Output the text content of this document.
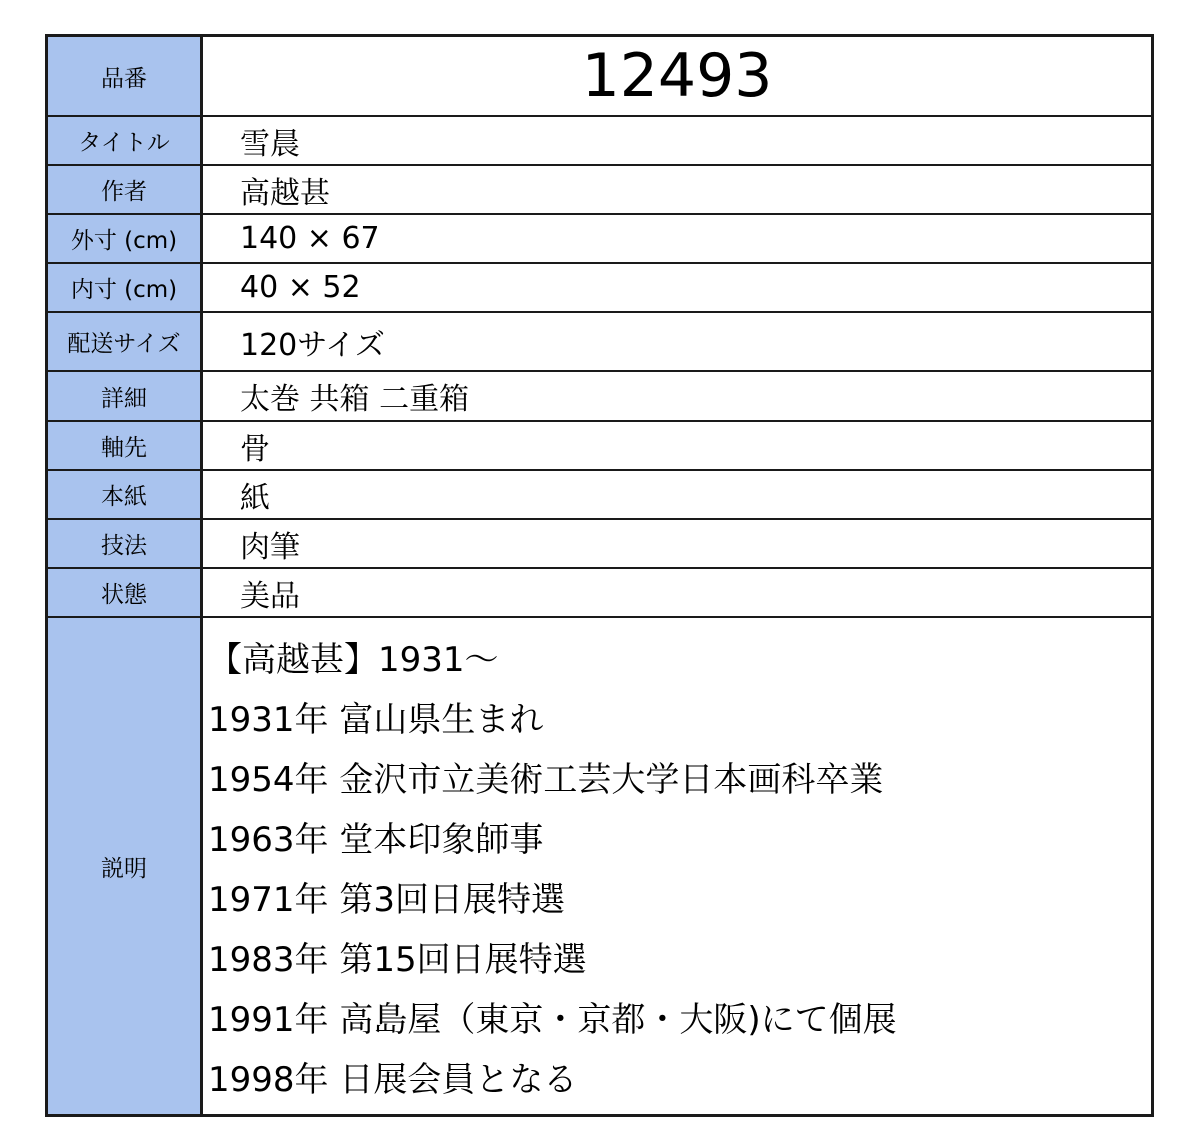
品番	12493
タイトル	雪晨
作者	高越甚
外寸 (cm)	140 × 67
内寸 (cm)	40 × 52
配送サイズ	120サイズ
詳細	太巻 共箱 二重箱
軸先	骨
本紙	紙
技法	肉筆
状態	美品
説明
【高越甚】1931〜
1931年 富山県生まれ
1954年 金沢市立美術工芸大学日本画科卒業
1963年 堂本印象師事
1971年 第3回日展特選
1983年 第15回日展特選
1991年 高島屋（東京・京都・大阪)にて個展
1998年 日展会員となる
